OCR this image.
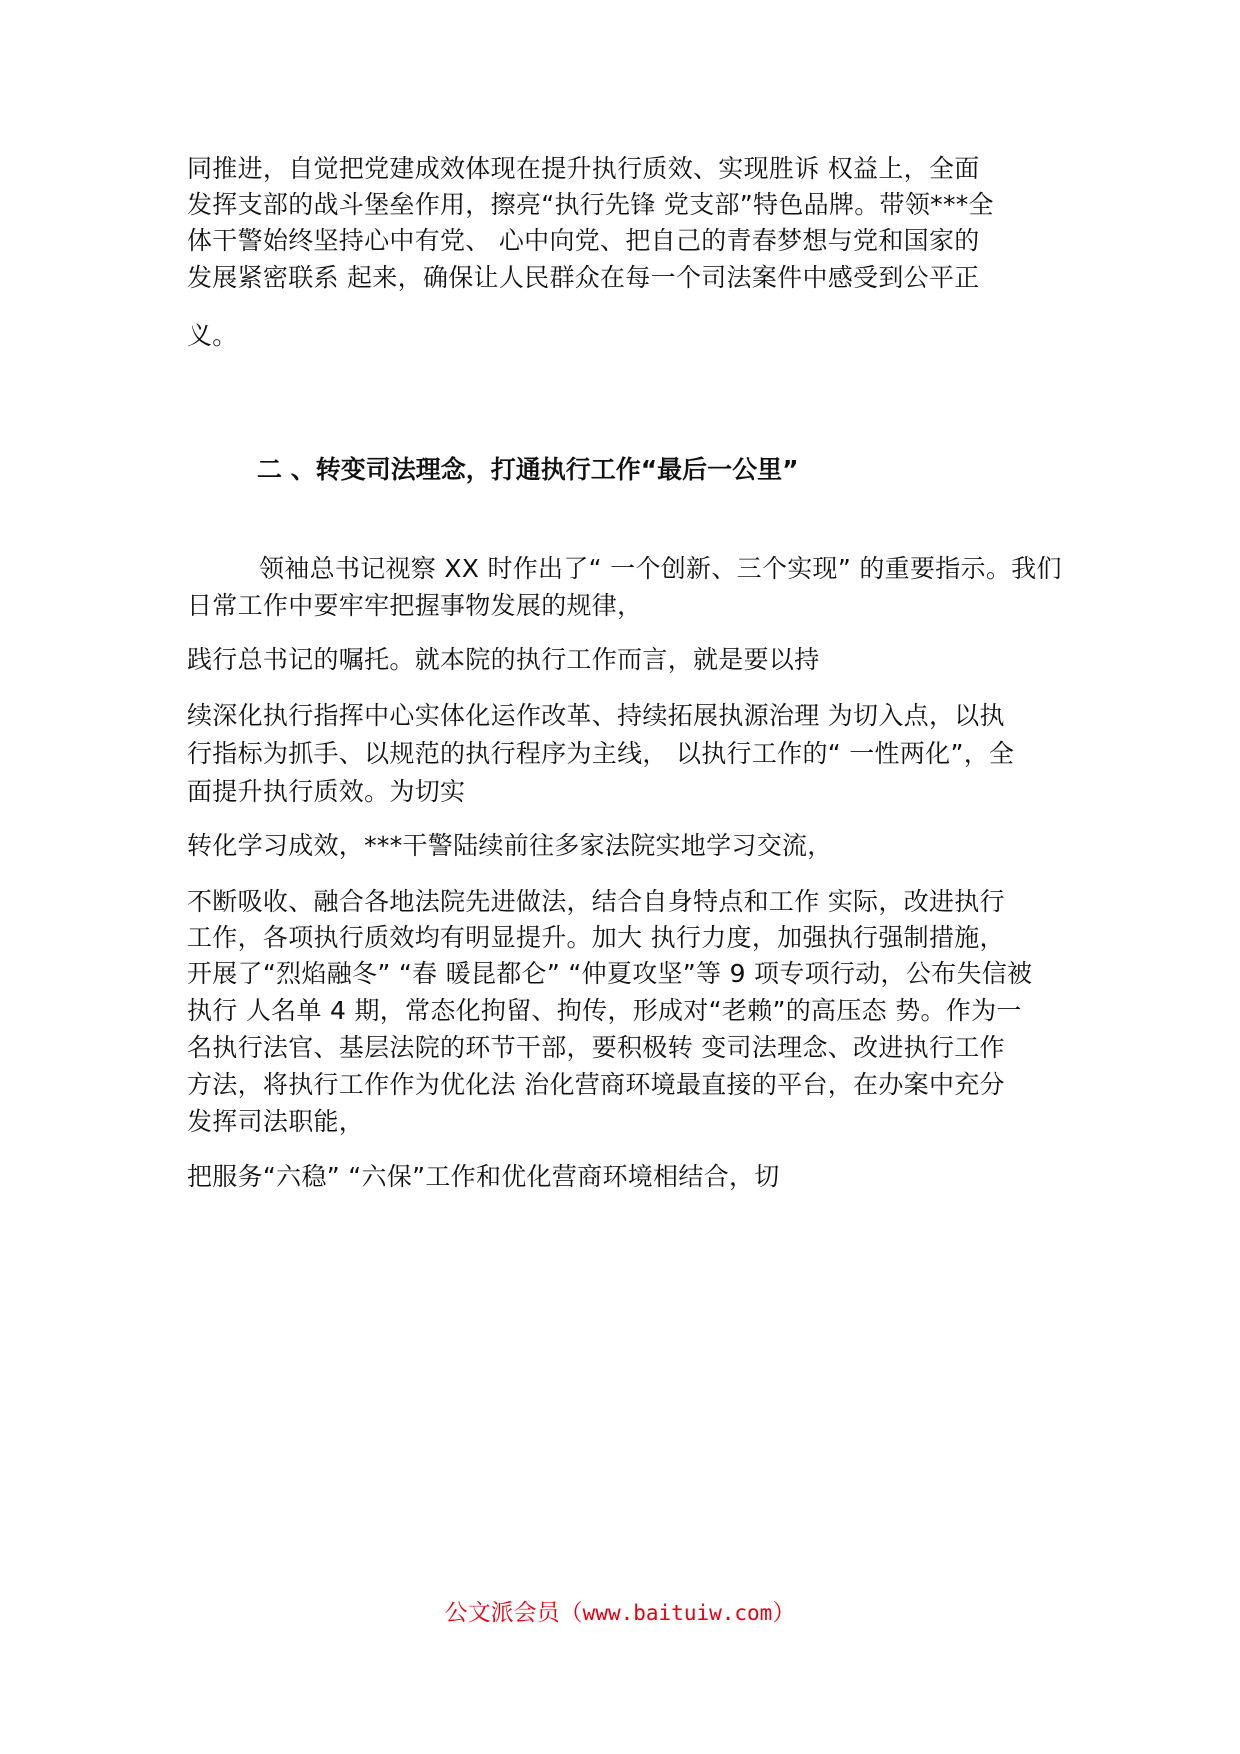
同推进，自觉把党建成效体现在提升执行质效、实现胜诉 权益上，全面
发挥支部的战斗堡垒作用，擦亮“执行先锋 党支部”特色品牌。带领***全
体干警始终坚持心中有党、 心中向党、把自己的青春梦想与党和国家的
发展紧密联系 起来，确保让人民群众在每一个司法案件中感受到公平正
义。
二 、转变司法理念，打通执行工作“最后一公里”
领袖总书记视察 XX 时作出了“ 一个创新、三个实现” 的重要指示。我们
日常工作中要牢牢把握事物发展的规律，
践行总书记的嘱托。就本院的执行工作而言，就是要以持
续深化执行指挥中心实体化运作改革、持续拓展执源治理 为切入点，以执
行指标为抓手、以规范的执行程序为主线， 以执行工作的“ 一性两化”，全
面提升执行质效。为切实
转化学习成效，***干警陆续前往多家法院实地学习交流，
不断吸收、融合各地法院先进做法，结合自身特点和工作 实际，改进执行
工作，各项执行质效均有明显提升。加大 执行力度，加强执行强制措施，
开展了“烈焰融冬” “春 暖昆都仑” “仲夏攻坚”等 9 项专项行动，公布失信被
执行 人名单 4 期，常态化拘留、拘传，形成对“老赖”的高压态 势。作为一
名执行法官、基层法院的环节干部，要积极转 变司法理念、改进执行工作
方法，将执行工作作为优化法 治化营商环境最直接的平台，在办案中充分
发挥司法职能，
把服务“六稳” “六保”工作和优化营商环境相结合，切
公文派会员（www.baituiw.com）
